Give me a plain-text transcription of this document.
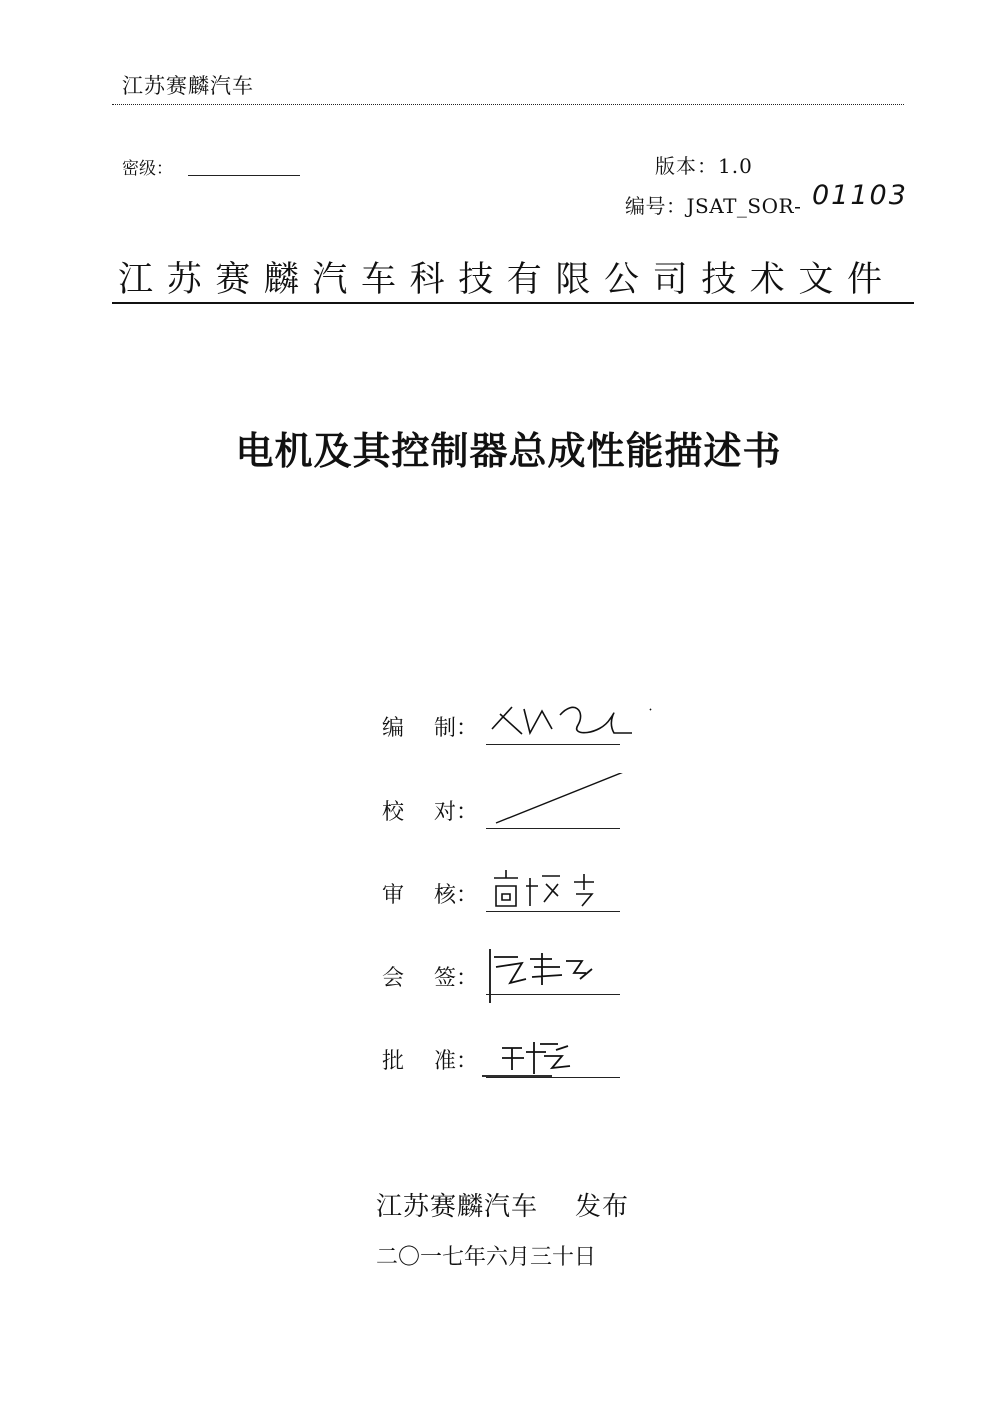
江苏赛麟汽车
密级：	版本：1.0
编号：JSAT_SOR- 01103
江苏赛麟汽车科技有限公司技术文件
电机及其控制器总成性能描述书
编 制：
校 对：
审 核：
会 签：
批 准：
江苏赛麟汽车    发布
二〇一七年六月三十日
